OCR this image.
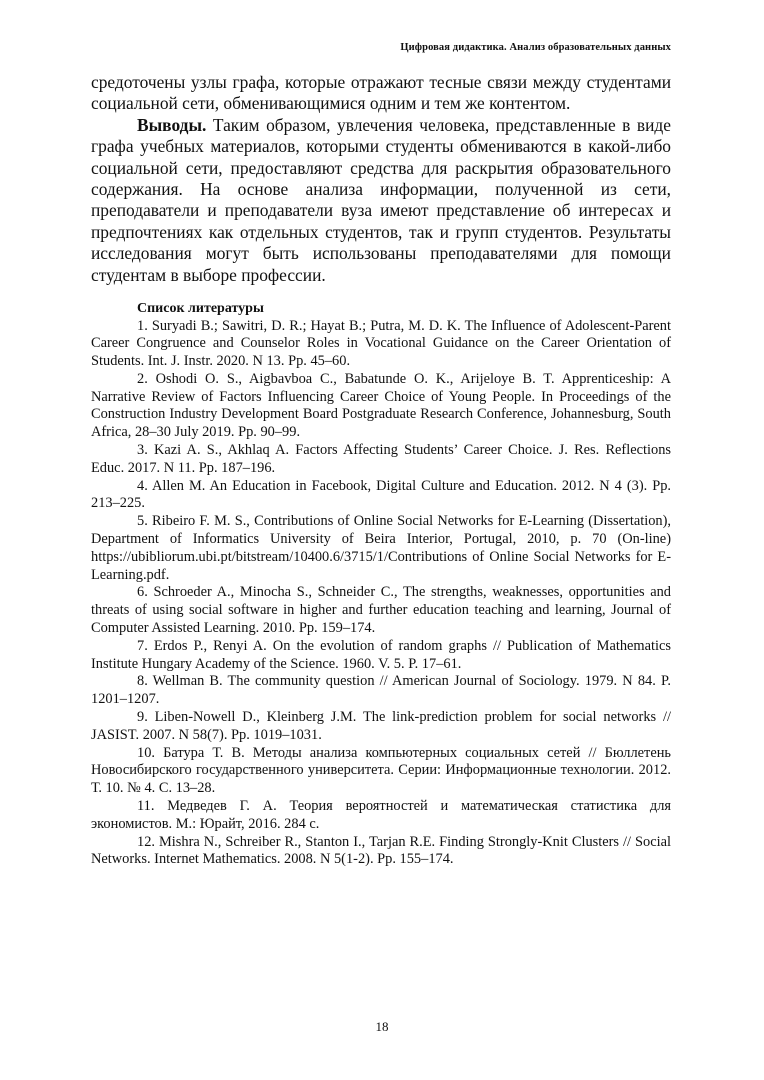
Цифровая дидактика. Анализ образовательных данных

средоточены узлы графа, которые отражают тесные связи между студентами социальной сети, обменивающимися одним и тем же контентом.

Выводы. Таким образом, увлечения человека, представленные в виде графа учебных материалов, которыми студенты обмениваются в какой-либо социальной сети, предоставляют средства для раскрытия образовательного содержания. На основе анализа информации, полученной из сети, преподаватели и преподаватели вуза имеют представление об интересах и предпочтениях как отдельных студентов, так и групп студентов. Результаты исследования могут быть использованы преподавателями для помощи студентам в выборе профессии.

Список литературы
1. Suryadi B.; Sawitri, D. R.; Hayat B.; Putra, M. D. K. The Influence of Adolescent-Parent Career Congruence and Counselor Roles in Vocational Guidance on the Career Orientation of Students. Int. J. Instr. 2020. N 13. Pp. 45–60.
2. Oshodi O. S., Aigbavboa C., Babatunde O. K., Arijeloye B. T. Apprenticeship: A Narrative Review of Factors Influencing Career Choice of Young People. In Proceedings of the Construction Industry Development Board Postgraduate Research Conference, Johannesburg, South Africa, 28–30 July 2019. Pp. 90–99.
3. Kazi A. S., Akhlaq A. Factors Affecting Students’ Career Choice. J. Res. Reflections Educ. 2017. N 11. Pp. 187–196.
4. Allen M. An Education in Facebook, Digital Culture and Education. 2012. N 4 (3). Pp. 213–225.
5. Ribeiro F. M. S., Contributions of Online Social Networks for E-Learning (Dissertation), Department of Informatics University of Beira Interior, Portugal, 2010, p. 70 (On-line) https://ubibliorum.ubi.pt/bitstream/10400.6/3715/1/Contributions of Online Social Networks for E-Learning.pdf.
6. Schroeder A., Minocha S., Schneider C., The strengths, weaknesses, opportunities and threats of using social software in higher and further education teaching and learning, Journal of Computer Assisted Learning. 2010. Pp. 159–174.
7. Erdos P., Renyi A. On the evolution of random graphs // Publication of Mathematics Institute Hungary Academy of the Science. 1960. V. 5. P. 17–61.
8. Wellman B. The community question // American Journal of Sociology. 1979. N 84. P. 1201–1207.
9. Liben-Nowell D., Kleinberg J.M. The link-prediction problem for social networks // JASIST. 2007. N 58(7). Pp. 1019–1031.
10. Батура Т. В. Методы анализа компьютерных социальных сетей // Бюллетень Новосибирского государственного университета. Серии: Информационные технологии. 2012. Т. 10. № 4. С. 13–28.
11. Медведев Г. А. Теория вероятностей и математическая статистика для экономистов. М.: Юрайт, 2016. 284 с.
12. Mishra N., Schreiber R., Stanton I., Tarjan R.E. Finding Strongly-Knit Clusters // Social Networks. Internet Mathematics. 2008. N 5(1-2). Pp. 155–174.
18
